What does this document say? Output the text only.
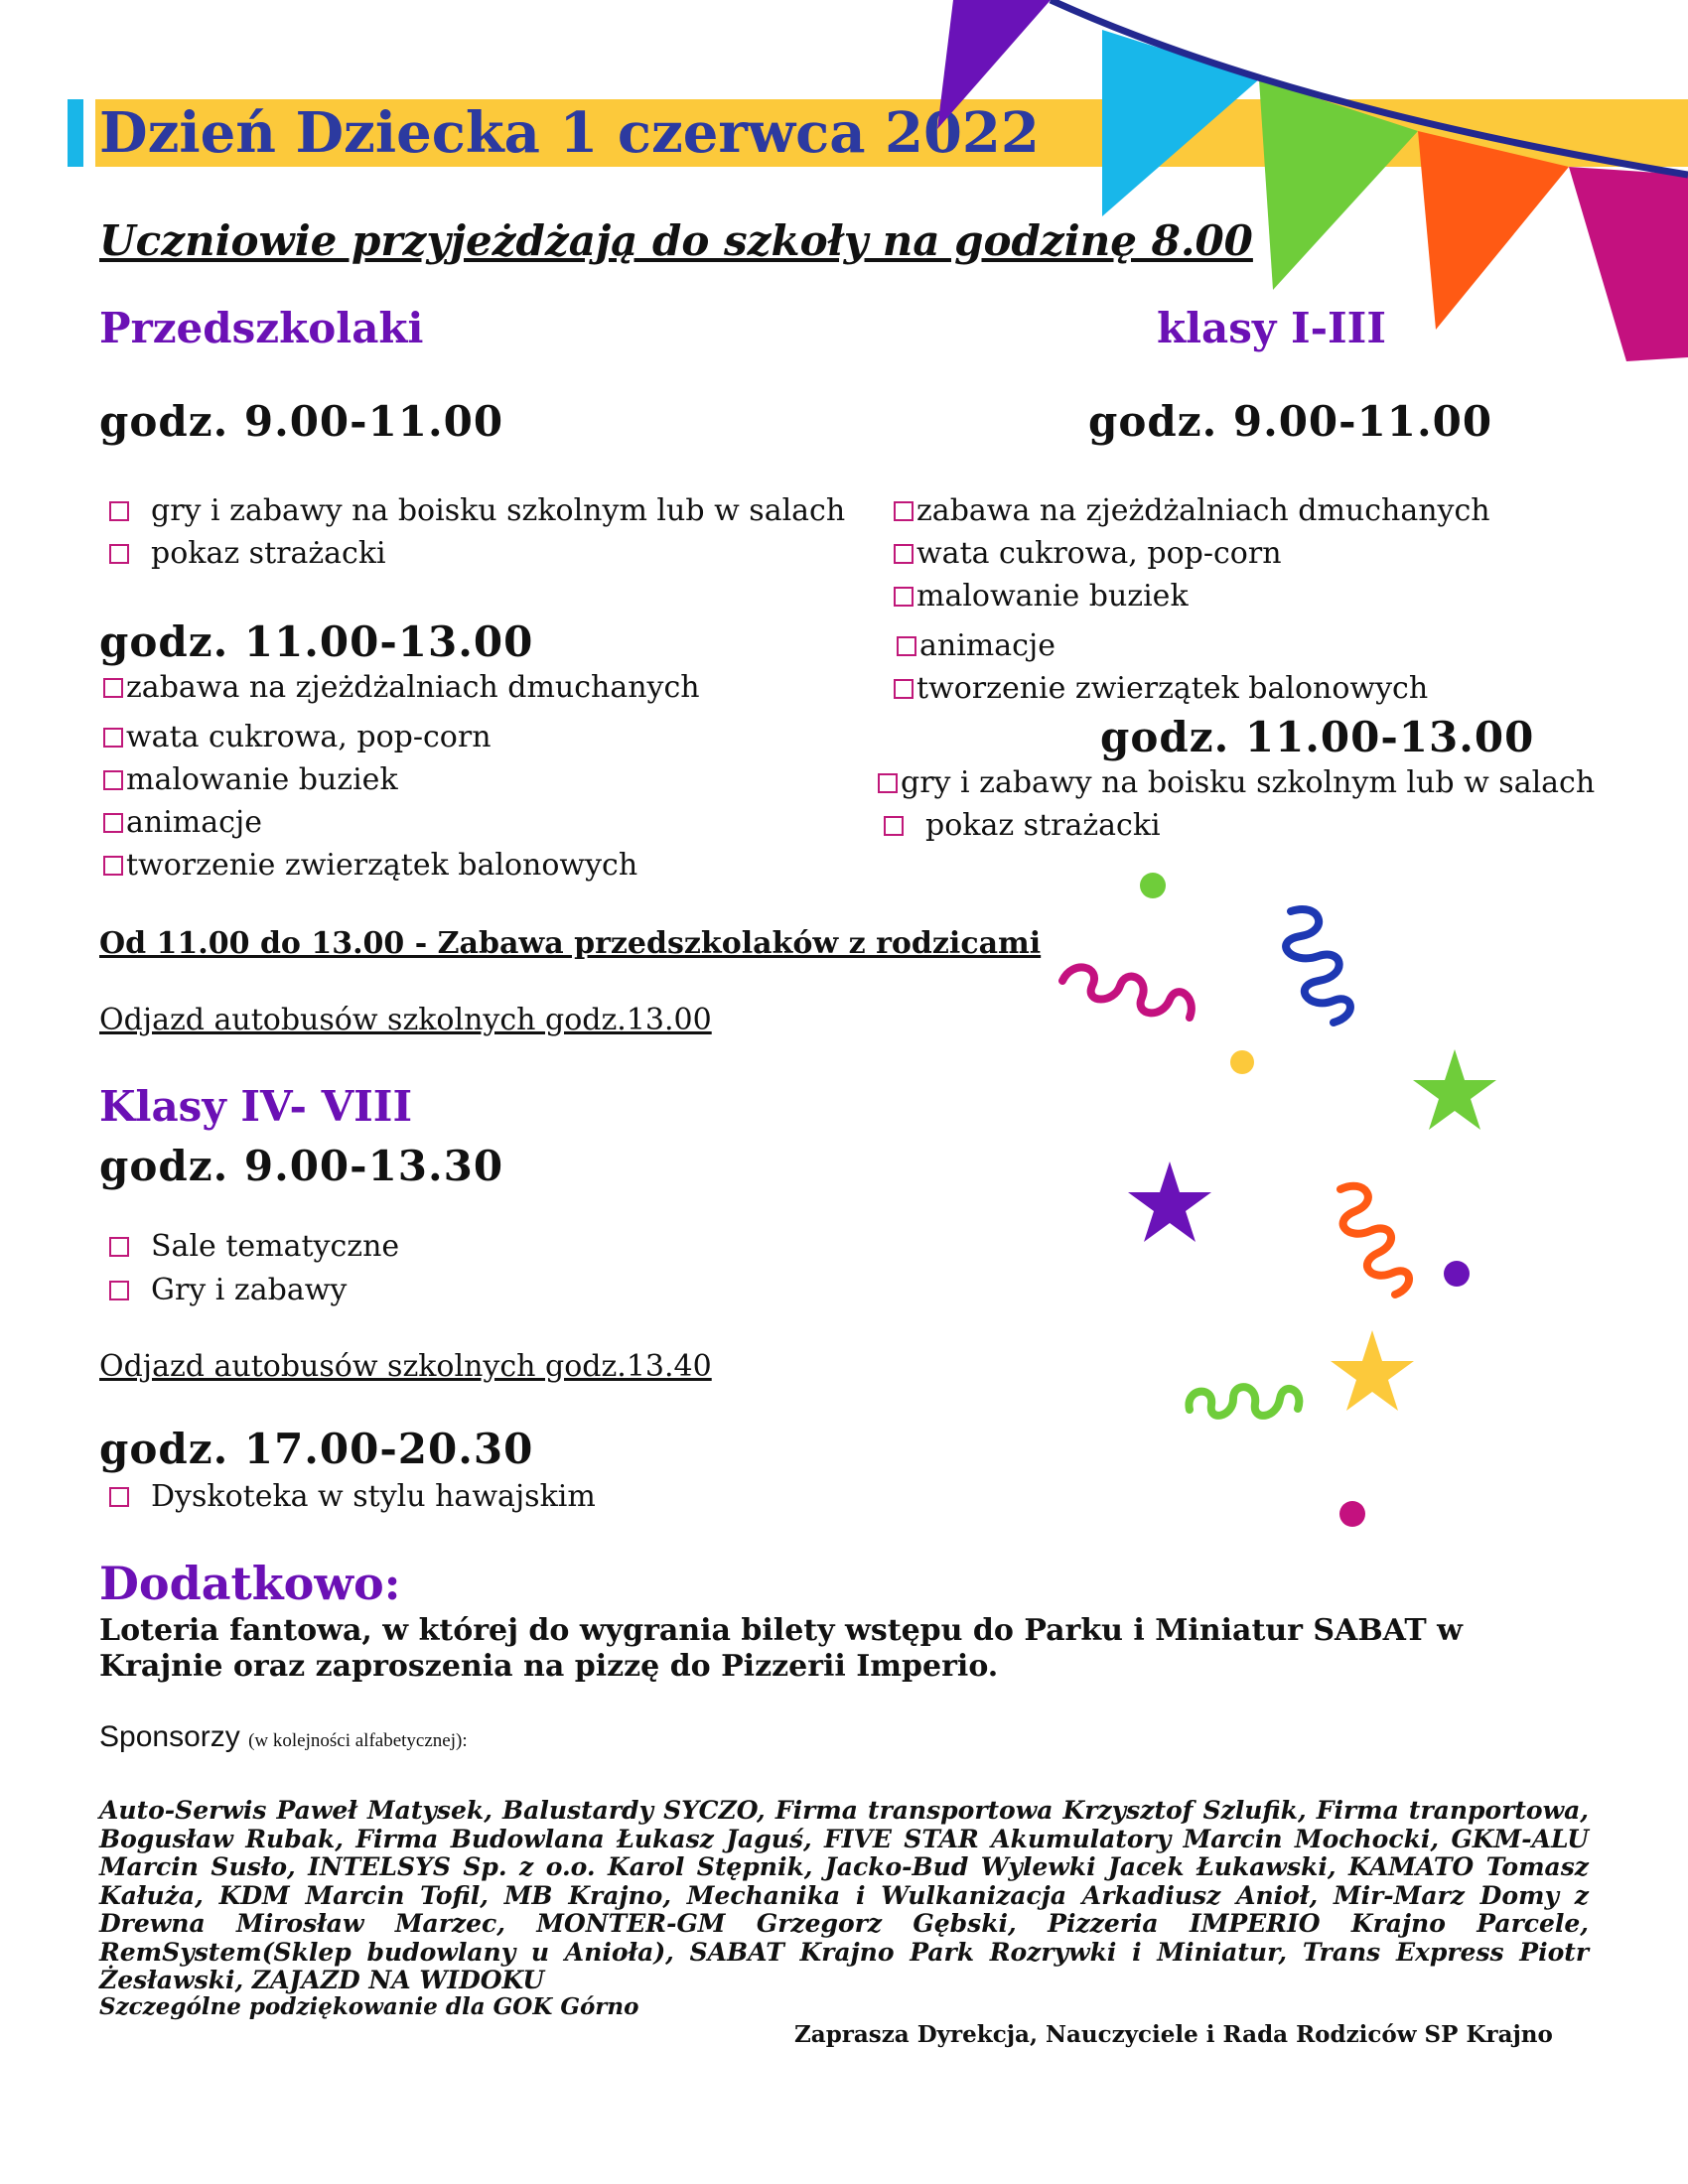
Dzień Dziecka 1 czerwca 2022
Uczniowie przyjeżdżają do szkoły na godzinę 8.00
Przedszkolaki
godz. 9.00-11.00
gry i zabawy na boisku szkolnym lub w salach
pokaz strażacki
godz. 11.00-13.00
zabawa na zjeżdżalniach dmuchanych
wata cukrowa, pop-corn
malowanie buziek
animacje
tworzenie zwierzątek balonowych
Od 11.00 do 13.00 - Zabawa przedszkolaków z rodzicami
Odjazd autobusów szkolnych godz.13.00
klasy I-III
godz. 9.00-11.00
zabawa na zjeżdżalniach dmuchanych
wata cukrowa, pop-corn
malowanie buziek
animacje
tworzenie zwierzątek balonowych
godz. 11.00-13.00
gry i zabawy na boisku szkolnym lub w salach
pokaz strażacki
Klasy IV- VIII
godz. 9.00-13.30
Sale tematyczne
Gry i zabawy
Odjazd autobusów szkolnych godz.13.40
godz. 17.00-20.30
Dyskoteka w stylu hawajskim
Dodatkowo:
Loteria fantowa, w której do wygrania bilety wstępu do Parku i Miniatur SABAT w Krajnie oraz zaproszenia na pizzę do Pizzerii Imperio.
Sponsorzy (w kolejności alfabetycznej):
Auto-Serwis Paweł Matysek, Balustardy SYCZO, Firma transportowa Krzysztof Szlufik, Firma tranportowa, Bogusław Rubak, Firma Budowlana Łukasz Jaguś, FIVE STAR Akumulatory Marcin Mochocki, GKM-ALU Marcin Susło, INTELSYS Sp. z o.o. Karol Stępnik, Jacko-Bud Wylewki Jacek Łukawski, KAMATO Tomasz Kałuża, KDM Marcin Tofil, MB Krajno, Mechanika i Wulkanizacja Arkadiusz Anioł, Mir-Marz Domy z Drewna Mirosław Marzec, MONTER-GM Grzegorz Gębski, Pizzeria IMPERIO Krajno Parcele, RemSystem(Sklep budowlany u Anioła), SABAT Krajno Park Rozrywki i Miniatur, Trans Express Piotr Żesławski, ZAJAZD NA WIDOKU
Szczególne podziękowanie dla GOK Górno
Zaprasza Dyrekcja, Nauczyciele i Rada Rodziców SP Krajno
